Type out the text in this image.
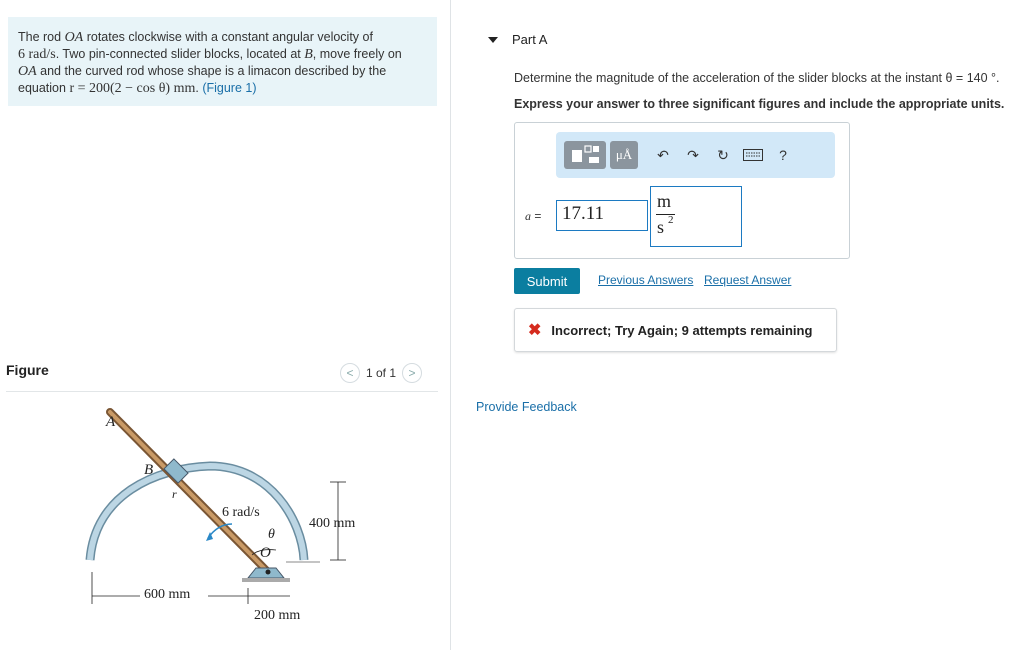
The rod OA rotates clockwise with a constant angular velocity of
6 rad/s. Two pin-connected slider blocks, located at B, move freely on
OA and the curved rod whose shape is a limacon described by the
equation r = 200(2 − cos θ) mm. (Figure 1)
Figure	< 1 of 1 >
A
B
r
6 rad/s
θ
O
400 mm
600 mm
200 mm
Part A
Determine the magnitude of the acceleration of the slider blocks at the instant θ = 140 °.
Express your answer to three significant figures and include the appropriate units.
μÅ	↶ ↷ ↻	?
a =	17.11
m
s 2
Submit	Previous Answers Request Answer
✖ Incorrect; Try Again; 9 attempts remaining
Provide Feedback
